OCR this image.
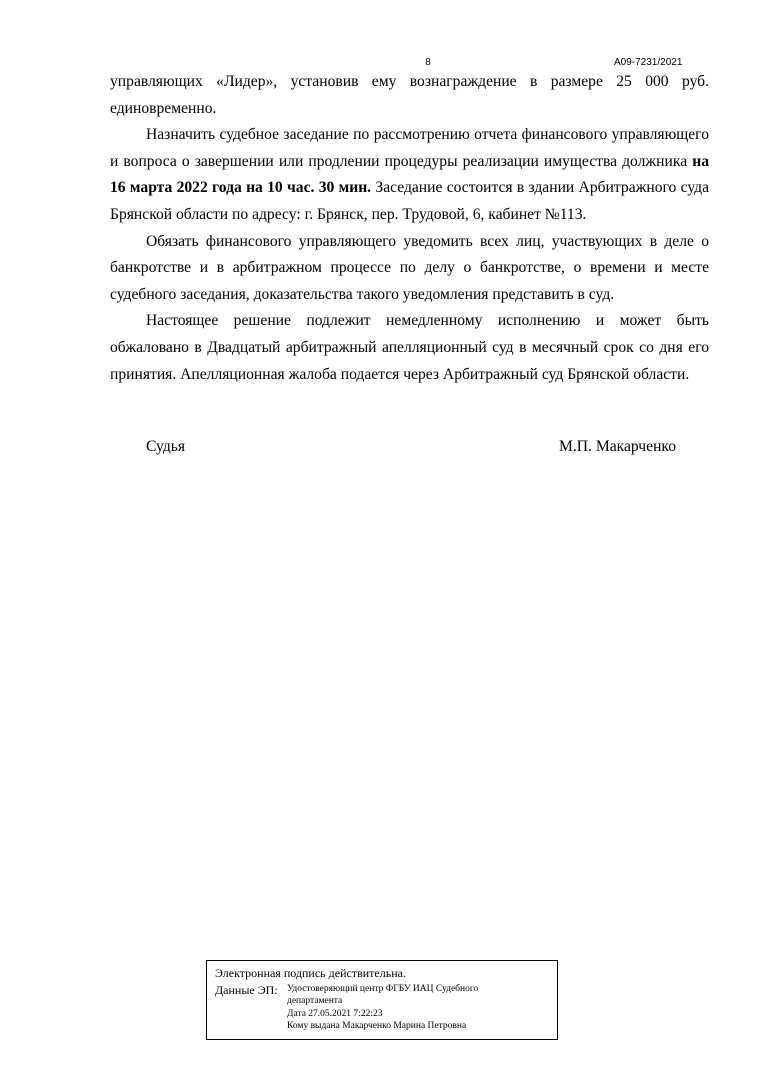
8	А09-7231/2021

управляющих «Лидер», установив ему вознаграждение в размере 25 000 руб. единовременно.

Назначить судебное заседание по рассмотрению отчета финансового управляющего и вопроса о завершении или продлении процедуры реализации имущества должника на 16 марта 2022 года на 10 час. 30 мин. Заседание состоится в здании Арбитражного суда Брянской области по адресу: г. Брянск, пер. Трудовой, 6, кабинет №113.

Обязать финансового управляющего уведомить всех лиц, участвующих в деле о банкротстве и в арбитражном процессе по делу о банкротстве, о времени и месте судебного заседания, доказательства такого уведомления представить в суд.

Настоящее решение подлежит немедленному исполнению и может быть обжаловано в Двадцатый арбитражный апелляционный суд в месячный срок со дня его принятия. Апелляционная жалоба подается через Арбитражный суд Брянской области.

Судья	М.П. Макарченко
Электронная подпись действительна.
Данные ЭП: Удостоверяющий центр ФГБУ ИАЦ Судебного
департамента
Дата 27.05.2021 7:22:23
Кому выдана Макарченко Марина Петровна
